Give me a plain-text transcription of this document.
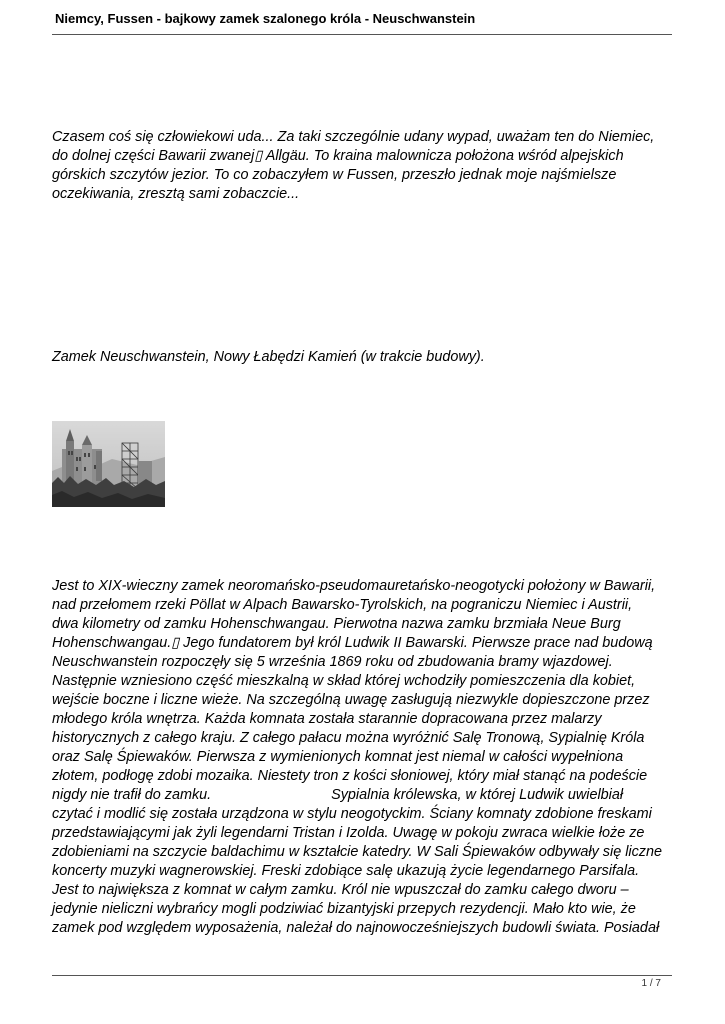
Niemcy, Fussen - bajkowy zamek szalonego króla - Neuschwanstein

Czasem coś się człowiekowi uda... Za taki szczególnie udany wypad, uważam ten do Niemiec,
do dolnej części Bawarii zwanej▯ Allgäu. To kraina malownicza położona wśród alpejskich
górskich szczytów jezior. To co zobaczyłem w Fussen, przeszło jednak moje najśmielsze
oczekiwania, zresztą sami zobaczcie...

Zamek Neuschwanstein, Nowy Łabędzi Kamień (w trakcie budowy).

Jest to XIX-wieczny zamek neoromańsko-pseudomauretańsko-neogotycki położony w Bawarii,
nad przełomem rzeki Pöllat w Alpach Bawarsko-Tyrolskich, na pograniczu Niemiec i Austrii,
dwa kilometry od zamku Hohenschwangau. Pierwotna nazwa zamku brzmiała Neue Burg
Hohenschwangau.▯ Jego fundatorem był król Ludwik II Bawarski. Pierwsze prace nad budową
Neuschwanstein rozpoczęły się 5 września 1869 roku od zbudowania bramy wjazdowej.
Następnie wzniesiono część mieszkalną w skład której wchodziły pomieszczenia dla kobiet,
wejście boczne i liczne wieże. Na szczególną uwagę zasługują niezwykle dopieszczone przez
młodego króla wnętrza. Każda komnata została starannie dopracowana przez malarzy
historycznych z całego kraju. Z całego pałacu można wyróżnić Salę Tronową, Sypialnię Króla
oraz Salę Śpiewaków. Pierwsza z wymienionych komnat jest niemal w całości wypełniona
złotem, podłogę zdobi mozaika. Niestety tron z kości słoniowej, który miał stanąć na podeście
nigdy nie trafił do zamku.                              Sypialnia królewska, w której Ludwik uwielbiał
czytać i modlić się została urządzona w stylu neogotyckim. Ściany komnaty zdobione freskami
przedstawiającymi jak żyli legendarni Tristan i Izolda. Uwagę w pokoju zwraca wielkie łoże ze
zdobieniami na szczycie baldachimu w kształcie katedry. W Sali Śpiewaków odbywały się liczne
koncerty muzyki wagnerowskiej. Freski zdobiące salę ukazują życie legendarnego Parsifala.
Jest to największa z komnat w całym zamku. Król nie wpuszczał do zamku całego dworu –
jedynie nieliczni wybrańcy mogli podziwiać bizantyjski przepych rezydencji. Mało kto wie, że
zamek pod względem wyposażenia, należał do najnowocześniejszych budowli świata. Posiadał

1 / 7
